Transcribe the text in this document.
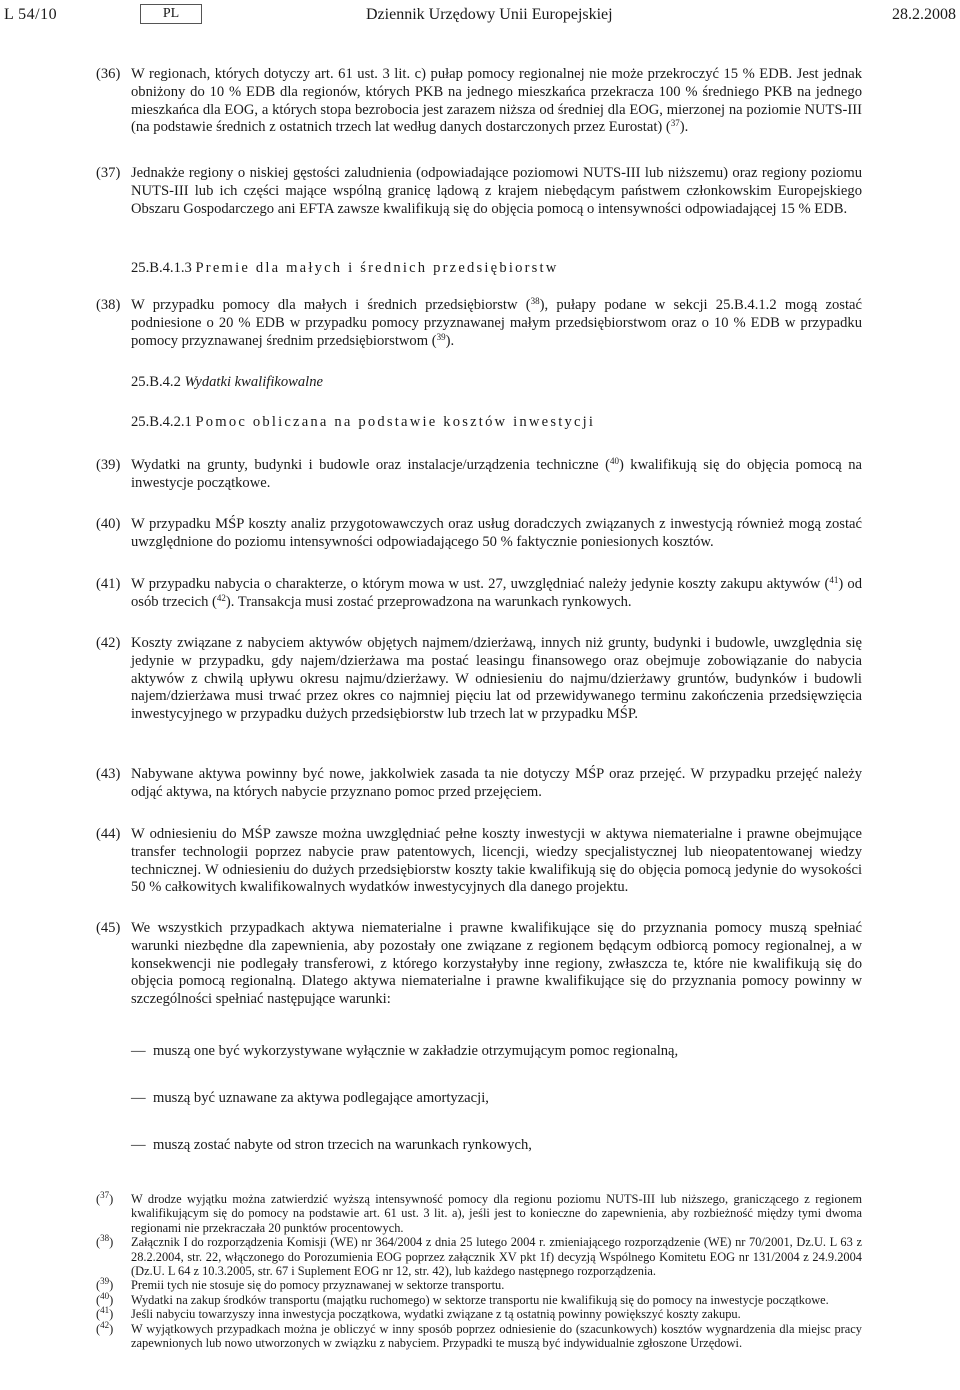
L 54/10	PL	Dziennik Urzędowy Unii Europejskiej	28.2.2008
(36) W regionach, których dotyczy art. 61 ust. 3 lit. c) pułap pomocy regionalnej nie może przekroczyć 15 % EDB. Jest jednak obniżony do 10 % EDB dla regionów, których PKB na jednego mieszkańca przekracza 100 % średniego PKB na jednego mieszkańca dla EOG, a których stopa bezrobocia jest zarazem niższa od średniej dla EOG, mierzonej na poziomie NUTS-III (na podstawie średnich z ostatnich trzech lat według danych dostarczonych przez Eurostat) ($^{37}$).
(37) Jednakże regiony o niskiej gęstości zaludnienia (odpowiadające poziomowi NUTS-III lub niższemu) oraz regiony poziomu NUTS-III lub ich części mające wspólną granicę lądową z krajem niebędącym państwem członkowskim Europejskiego Obszaru Gospodarczego ani EFTA zawsze kwalifikują się do objęcia pomocą o intensywności odpowiadającej 15 % EDB.
25.B.4.1.3 Premie dla małych i średnich przedsiębiorstw
(38) W przypadku pomocy dla małych i średnich przedsiębiorstw ($^{38}$), pułapy podane w sekcji 25.B.4.1.2 mogą zostać podniesione o 20 % EDB w przypadku pomocy przyznawanej małym przedsiębiorstwom oraz o 10 % EDB w przypadku pomocy przyznawanej średnim przedsiębiorstwom ($^{39}$).
25.B.4.2 Wydatki kwalifikowalne
25.B.4.2.1 Pomoc obliczana na podstawie kosztów inwestycji
(39) Wydatki na grunty, budynki i budowle oraz instalacje/urządzenia techniczne ($^{40}$) kwalifikują się do objęcia pomocą na inwestycje początkowe.
(40) W przypadku MŚP koszty analiz przygotowawczych oraz usług doradczych związanych z inwestycją również mogą zostać uwzględnione do poziomu intensywności odpowiadającego 50 % faktycznie poniesionych kosztów.
(41) W przypadku nabycia o charakterze, o którym mowa w ust. 27, uwzględniać należy jedynie koszty zakupu aktywów ($^{41}$) od osób trzecich ($^{42}$). Transakcja musi zostać przeprowadzona na warunkach rynkowych.
(42) Koszty związane z nabyciem aktywów objętych najmem/dzierżawą, innych niż grunty, budynki i budowle, uwzględnia się jedynie w przypadku, gdy najem/dzierżawa ma postać leasingu finansowego oraz obejmuje zobowiązanie do nabycia aktywów z chwilą upływu okresu najmu/dzierżawy. W odniesieniu do najmu/dzierżawy gruntów, budynków i budowli najem/dzierżawa musi trwać przez okres co najmniej pięciu lat od przewidywanego terminu zakończenia przedsięwzięcia inwestycyjnego w przypadku dużych przedsiębiorstw lub trzech lat w przypadku MŚP.
(43) Nabywane aktywa powinny być nowe, jakkolwiek zasada ta nie dotyczy MŚP oraz przejęć. W przypadku przejęć należy odjąć aktywa, na których nabycie przyznano pomoc przed przejęciem.
(44) W odniesieniu do MŚP zawsze można uwzględniać pełne koszty inwestycji w aktywa niematerialne i prawne obejmujące transfer technologii poprzez nabycie praw patentowych, licencji, wiedzy specjalistycznej lub nieopatentowanej wiedzy technicznej. W odniesieniu do dużych przedsiębiorstw koszty takie kwalifikują się do objęcia pomocą jedynie do wysokości 50 % całkowitych kwalifikowalnych wydatków inwestycyjnych dla danego projektu.
(45) We wszystkich przypadkach aktywa niematerialne i prawne kwalifikujące się do przyznania pomocy muszą spełniać warunki niezbędne dla zapewnienia, aby pozostały one związane z regionem będącym odbiorcą pomocy regionalnej, a w konsekwencji nie podlegały transferowi, z którego korzystałyby inne regiony, zwłaszcza te, które nie kwalifikują się do objęcia pomocą regionalną. Dlatego aktywa niematerialne i prawne kwalifikujące się do przyznania pomocy powinny w szczególności spełniać następujące warunki:
— muszą one być wykorzystywane wyłącznie w zakładzie otrzymującym pomoc regionalną,
— muszą być uznawane za aktywa podlegające amortyzacji,
— muszą zostać nabyte od stron trzecich na warunkach rynkowych,
($^{37}$) W drodze wyjątku można zatwierdzić wyższą intensywność pomocy dla regionu poziomu NUTS-III lub niższego, graniczącego z regionem kwalifikującym się do pomocy na podstawie art. 61 ust. 3 lit. a), jeśli jest to konieczne do zapewnienia, aby rozbieżność między tymi dwoma regionami nie przekraczała 20 punktów procentowych.
($^{38}$) Załącznik I do rozporządzenia Komisji (WE) nr 364/2004 z dnia 25 lutego 2004 r. zmieniającego rozporządzenie (WE) nr 70/2001, Dz.U. L 63 z 28.2.2004, str. 22, włączonego do Porozumienia EOG poprzez załącznik XV pkt 1f) decyzją Wspólnego Komitetu EOG nr 131/2004 z 24.9.2004 (Dz.U. L 64 z 10.3.2005, str. 67 i Suplement EOG nr 12, str. 42), lub każdego następnego rozporządzenia.
($^{39}$) Premii tych nie stosuje się do pomocy przyznawanej w sektorze transportu.
($^{40}$) Wydatki na zakup środków transportu (majątku ruchomego) w sektorze transportu nie kwalifikują się do pomocy na inwestycje początkowe.
($^{41}$) Jeśli nabyciu towarzyszy inna inwestycja początkowa, wydatki związane z tą ostatnią powinny powiększyć koszty zakupu.
($^{42}$) W wyjątkowych przypadkach można je obliczyć w inny sposób poprzez odniesienie do (szacunkowych) kosztów wygnardzenia dla miejsc pracy zapewnionych lub nowo utworzonych w związku z nabyciem. Przypadki te muszą być indywidualnie zgłoszone Urzędowi.
